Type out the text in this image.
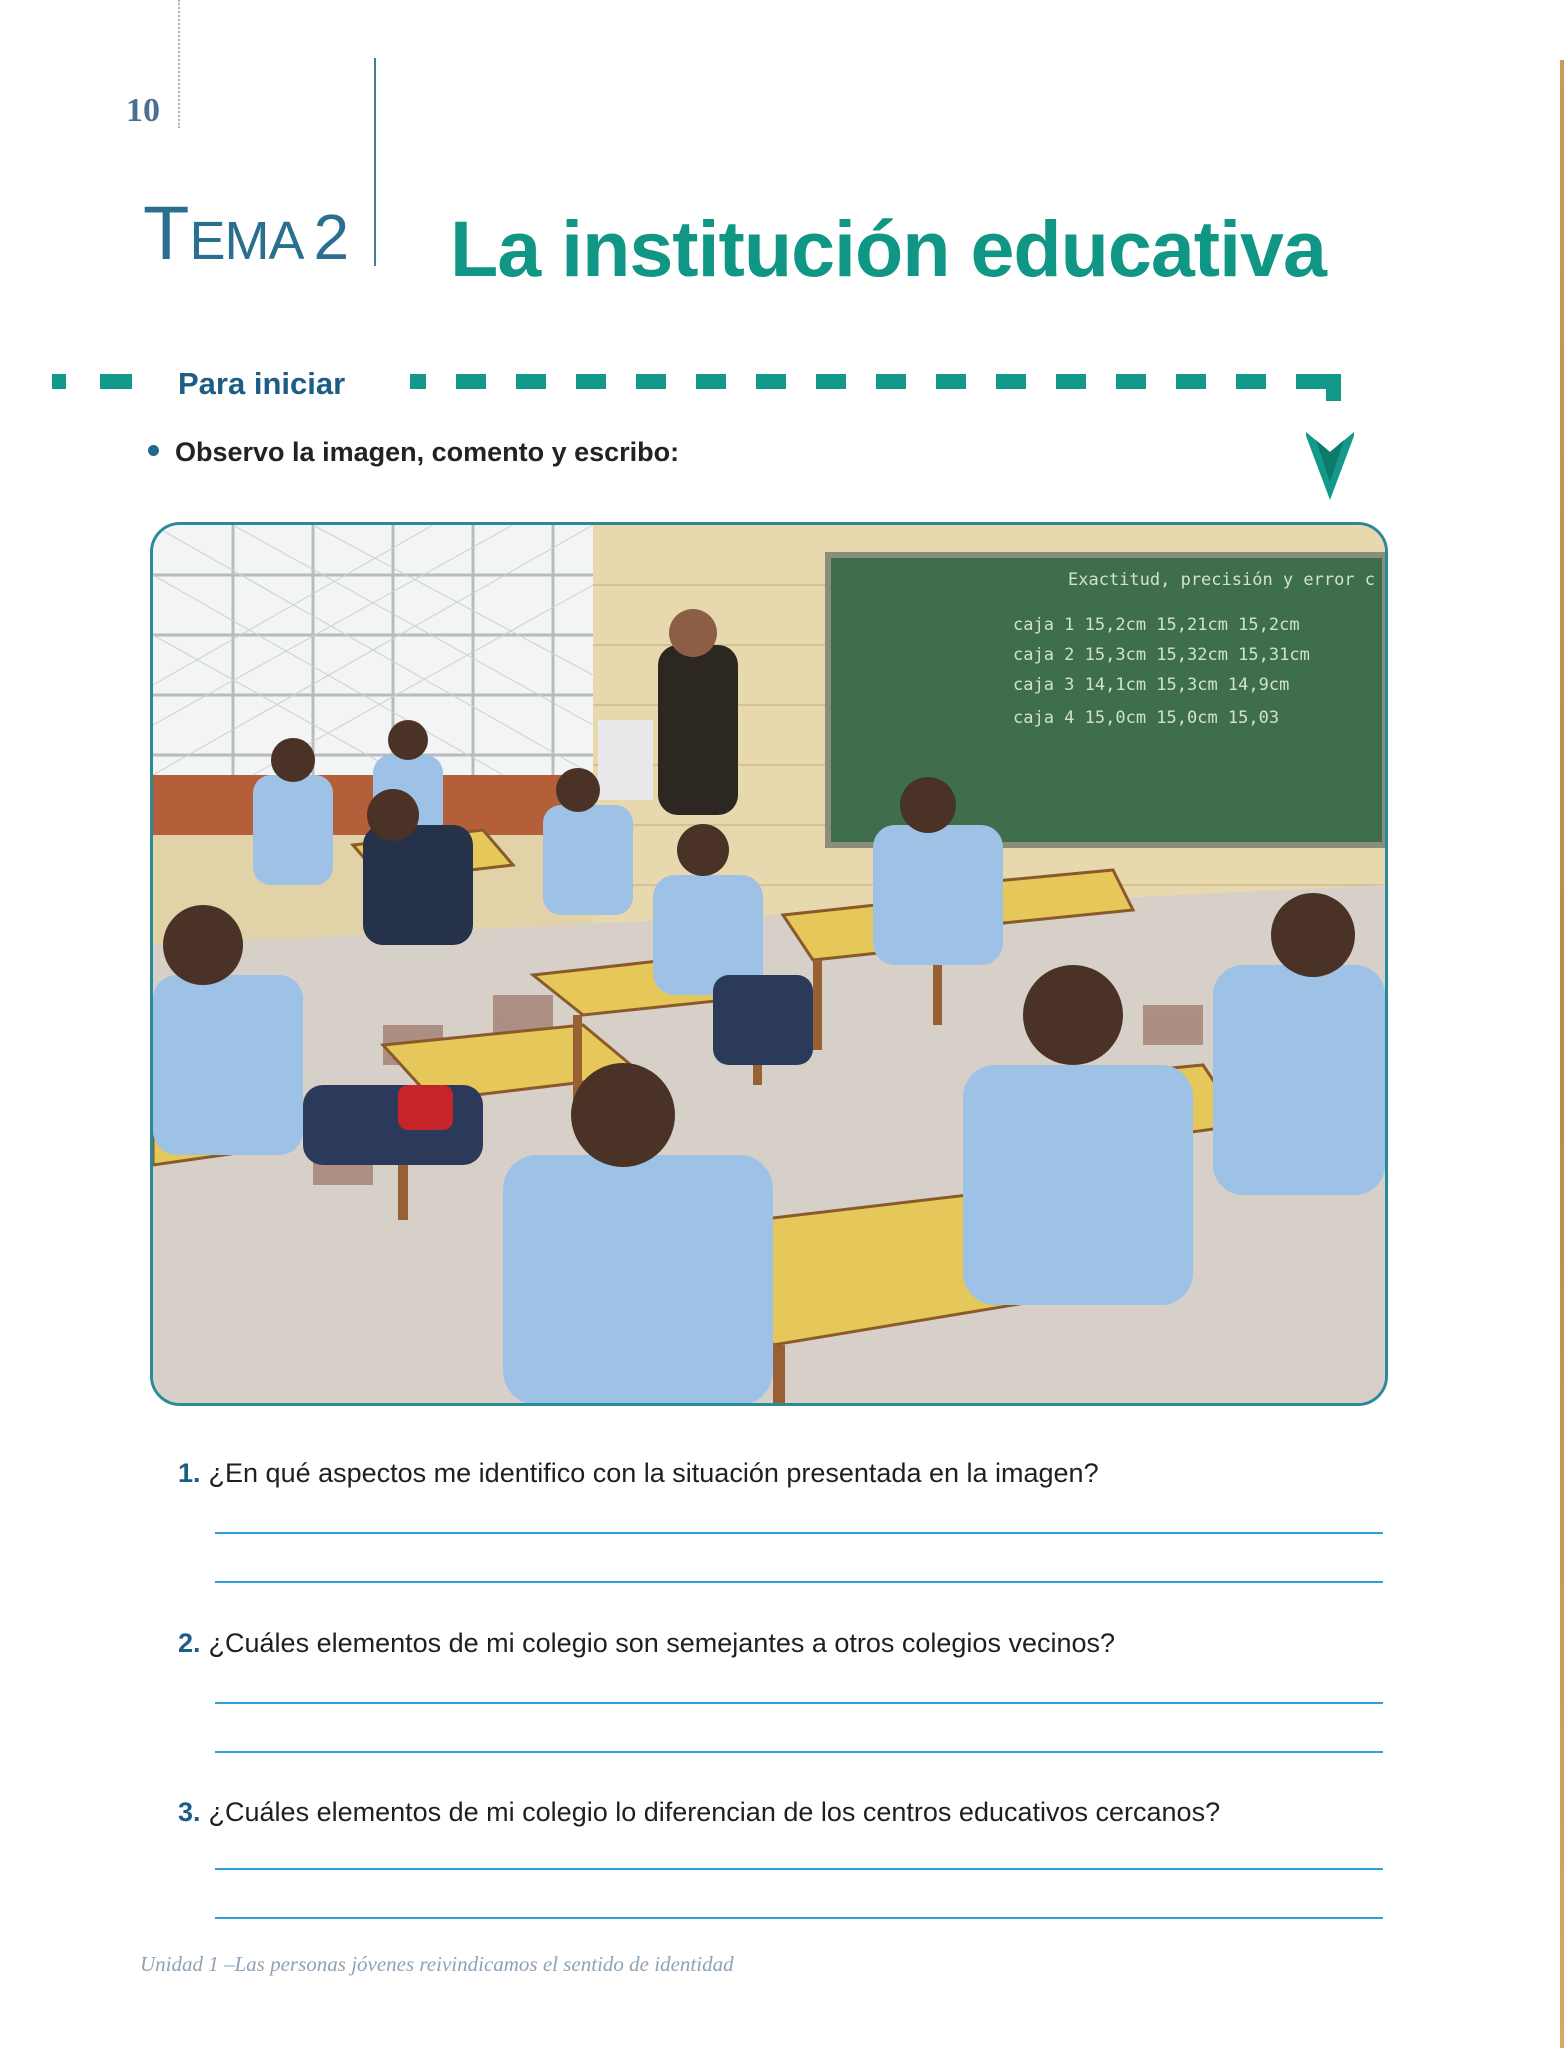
10
TEMA 2 La institución educativa
Para iniciar
Observo la imagen, comento y escribo:
Exactitud, precisión y error c
caja 1 15,2cm 15,21cm 15,2cm
caja 2 15,3cm 15,32cm 15,31cm
caja 3 14,1cm 15,3cm 14,9cm
caja 4 15,0cm 15,0cm 15,03
1. ¿En qué aspectos me identifico con la situación presentada en la imagen?
2. ¿Cuáles elementos de mi colegio son semejantes a otros colegios vecinos?
3. ¿Cuáles elementos de mi colegio lo diferencian de los centros educativos cercanos?
Unidad 1 –Las personas jóvenes reivindicamos el sentido de identidad
